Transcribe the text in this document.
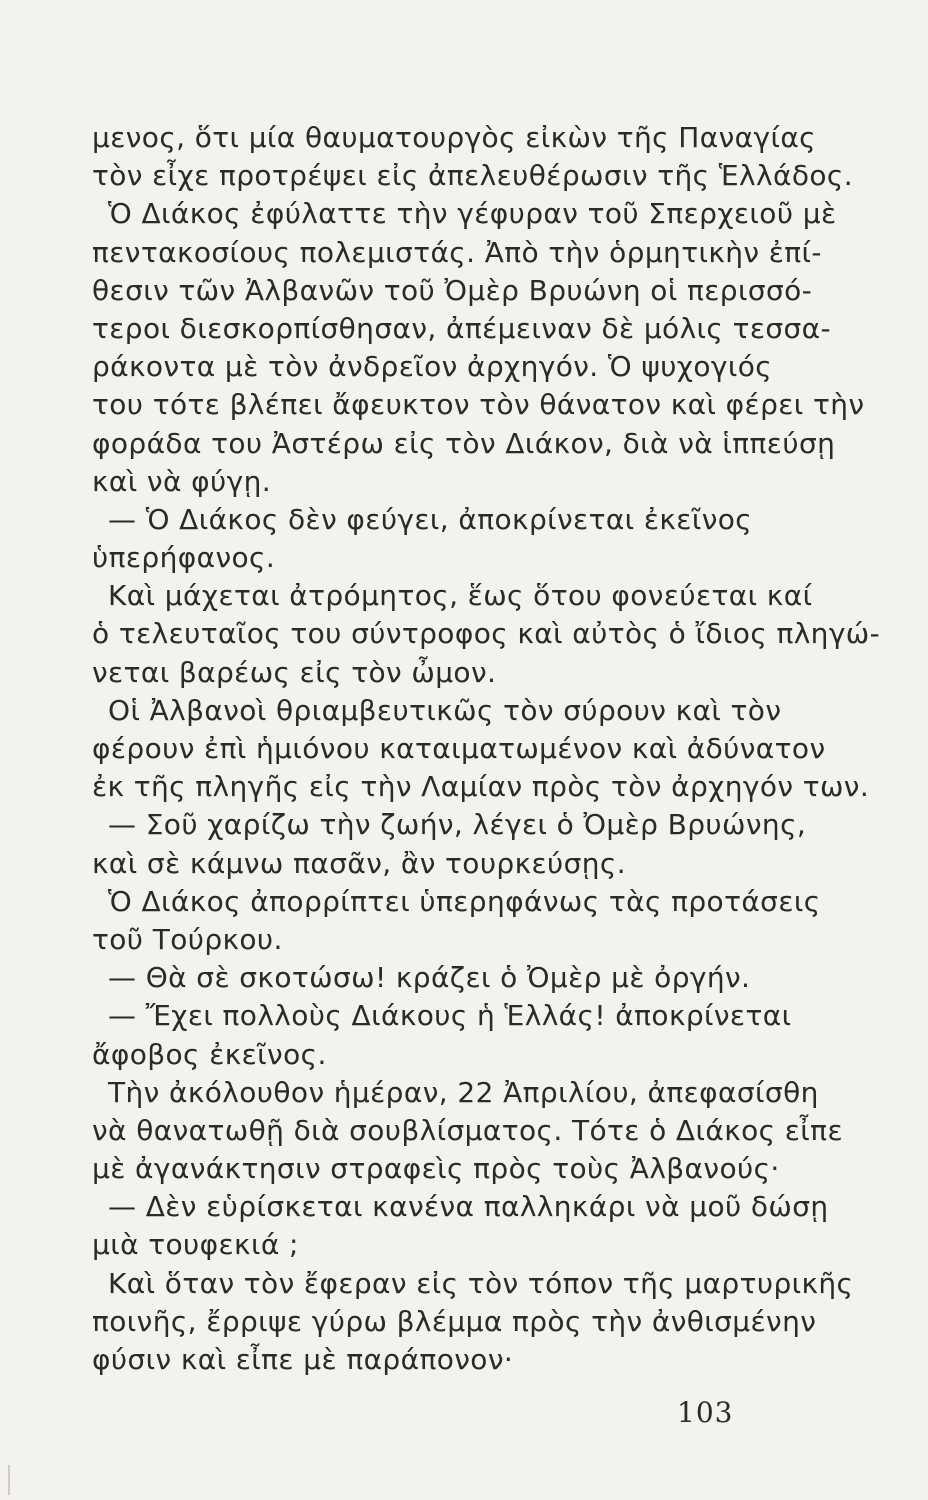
μενος, ὅτι μία θαυματουργὸς εἰκὼν τῆς Παναγίας
τὸν εἶχε προτρέψει εἰς ἀπελευθέρωσιν τῆς Ἑλλάδος.
Ὁ Διάκος ἐφύλαττε τὴν γέφυραν τοῦ Σπερχειοῦ μὲ
πεντακοσίους πολεμιστάς. Ἀπὸ τὴν ὁρμητικὴν ἐπί-
θεσιν τῶν Ἀλβανῶν τοῦ Ὀμὲρ Βρυώνη οἱ περισσό-
τεροι διεσκορπίσθησαν, ἀπέμειναν δὲ μόλις τεσσα-
ράκοντα μὲ τὸν ἀνδρεῖον ἀρχηγόν. Ὁ ψυχογιός
του τότε βλέπει ἄφευκτον τὸν θάνατον καὶ φέρει τὴν
φοράδα του Ἀστέρω εἰς τὸν Διάκον, διὰ νὰ ἱππεύσῃ
καὶ νὰ φύγῃ.
— Ὁ Διάκος δὲν φεύγει, ἀποκρίνεται ἐκεῖνος
ὑπερήφανος.
Καὶ μάχεται ἀτρόμητος, ἕως ὅτου φονεύεται καί
ὁ τελευταῖος του σύντροφος καὶ αὐτὸς ὁ ἴδιος πληγώ-
νεται βαρέως εἰς τὸν ὦμον.
Οἱ Ἀλβανοὶ θριαμβευτικῶς τὸν σύρουν καὶ τὸν
φέρουν ἐπὶ ἡμιόνου καταιματωμένον καὶ ἀδύνατον
ἐκ τῆς πληγῆς εἰς τὴν Λαμίαν πρὸς τὸν ἀρχηγόν των.
— Σοῦ χαρίζω τὴν ζωήν, λέγει ὁ Ὀμὲρ Βρυώνης,
καὶ σὲ κάμνω πασᾶν, ἂν τουρκεύσῃς.
Ὁ Διάκος ἀπορρίπτει ὑπερηφάνως τὰς προτάσεις
τοῦ Τούρκου.
— Θὰ σὲ σκοτώσω! κράζει ὁ Ὀμὲρ μὲ ὀργήν.
— Ἔχει πολλοὺς Διάκους ἡ Ἑλλάς! ἀποκρίνεται
ἄφοβος ἐκεῖνος.
Τὴν ἀκόλουθον ἡμέραν, 22 Ἀπριλίου, ἀπεφασίσθη
νὰ θανατωθῇ διὰ σουβλίσματος. Τότε ὁ Διάκος εἶπε
μὲ ἀγανάκτησιν στραφεὶς πρὸς τοὺς Ἀλβανούς·
— Δὲν εὑρίσκεται κανένα παλληκάρι νὰ μοῦ δώσῃ
μιὰ τουφεκιά ;
Καὶ ὅταν τὸν ἔφεραν εἰς τὸν τόπον τῆς μαρτυρικῆς
ποινῆς, ἔρριψε γύρω βλέμμα πρὸς τὴν ἀνθισμένην
φύσιν καὶ εἶπε μὲ παράπονον·
103
